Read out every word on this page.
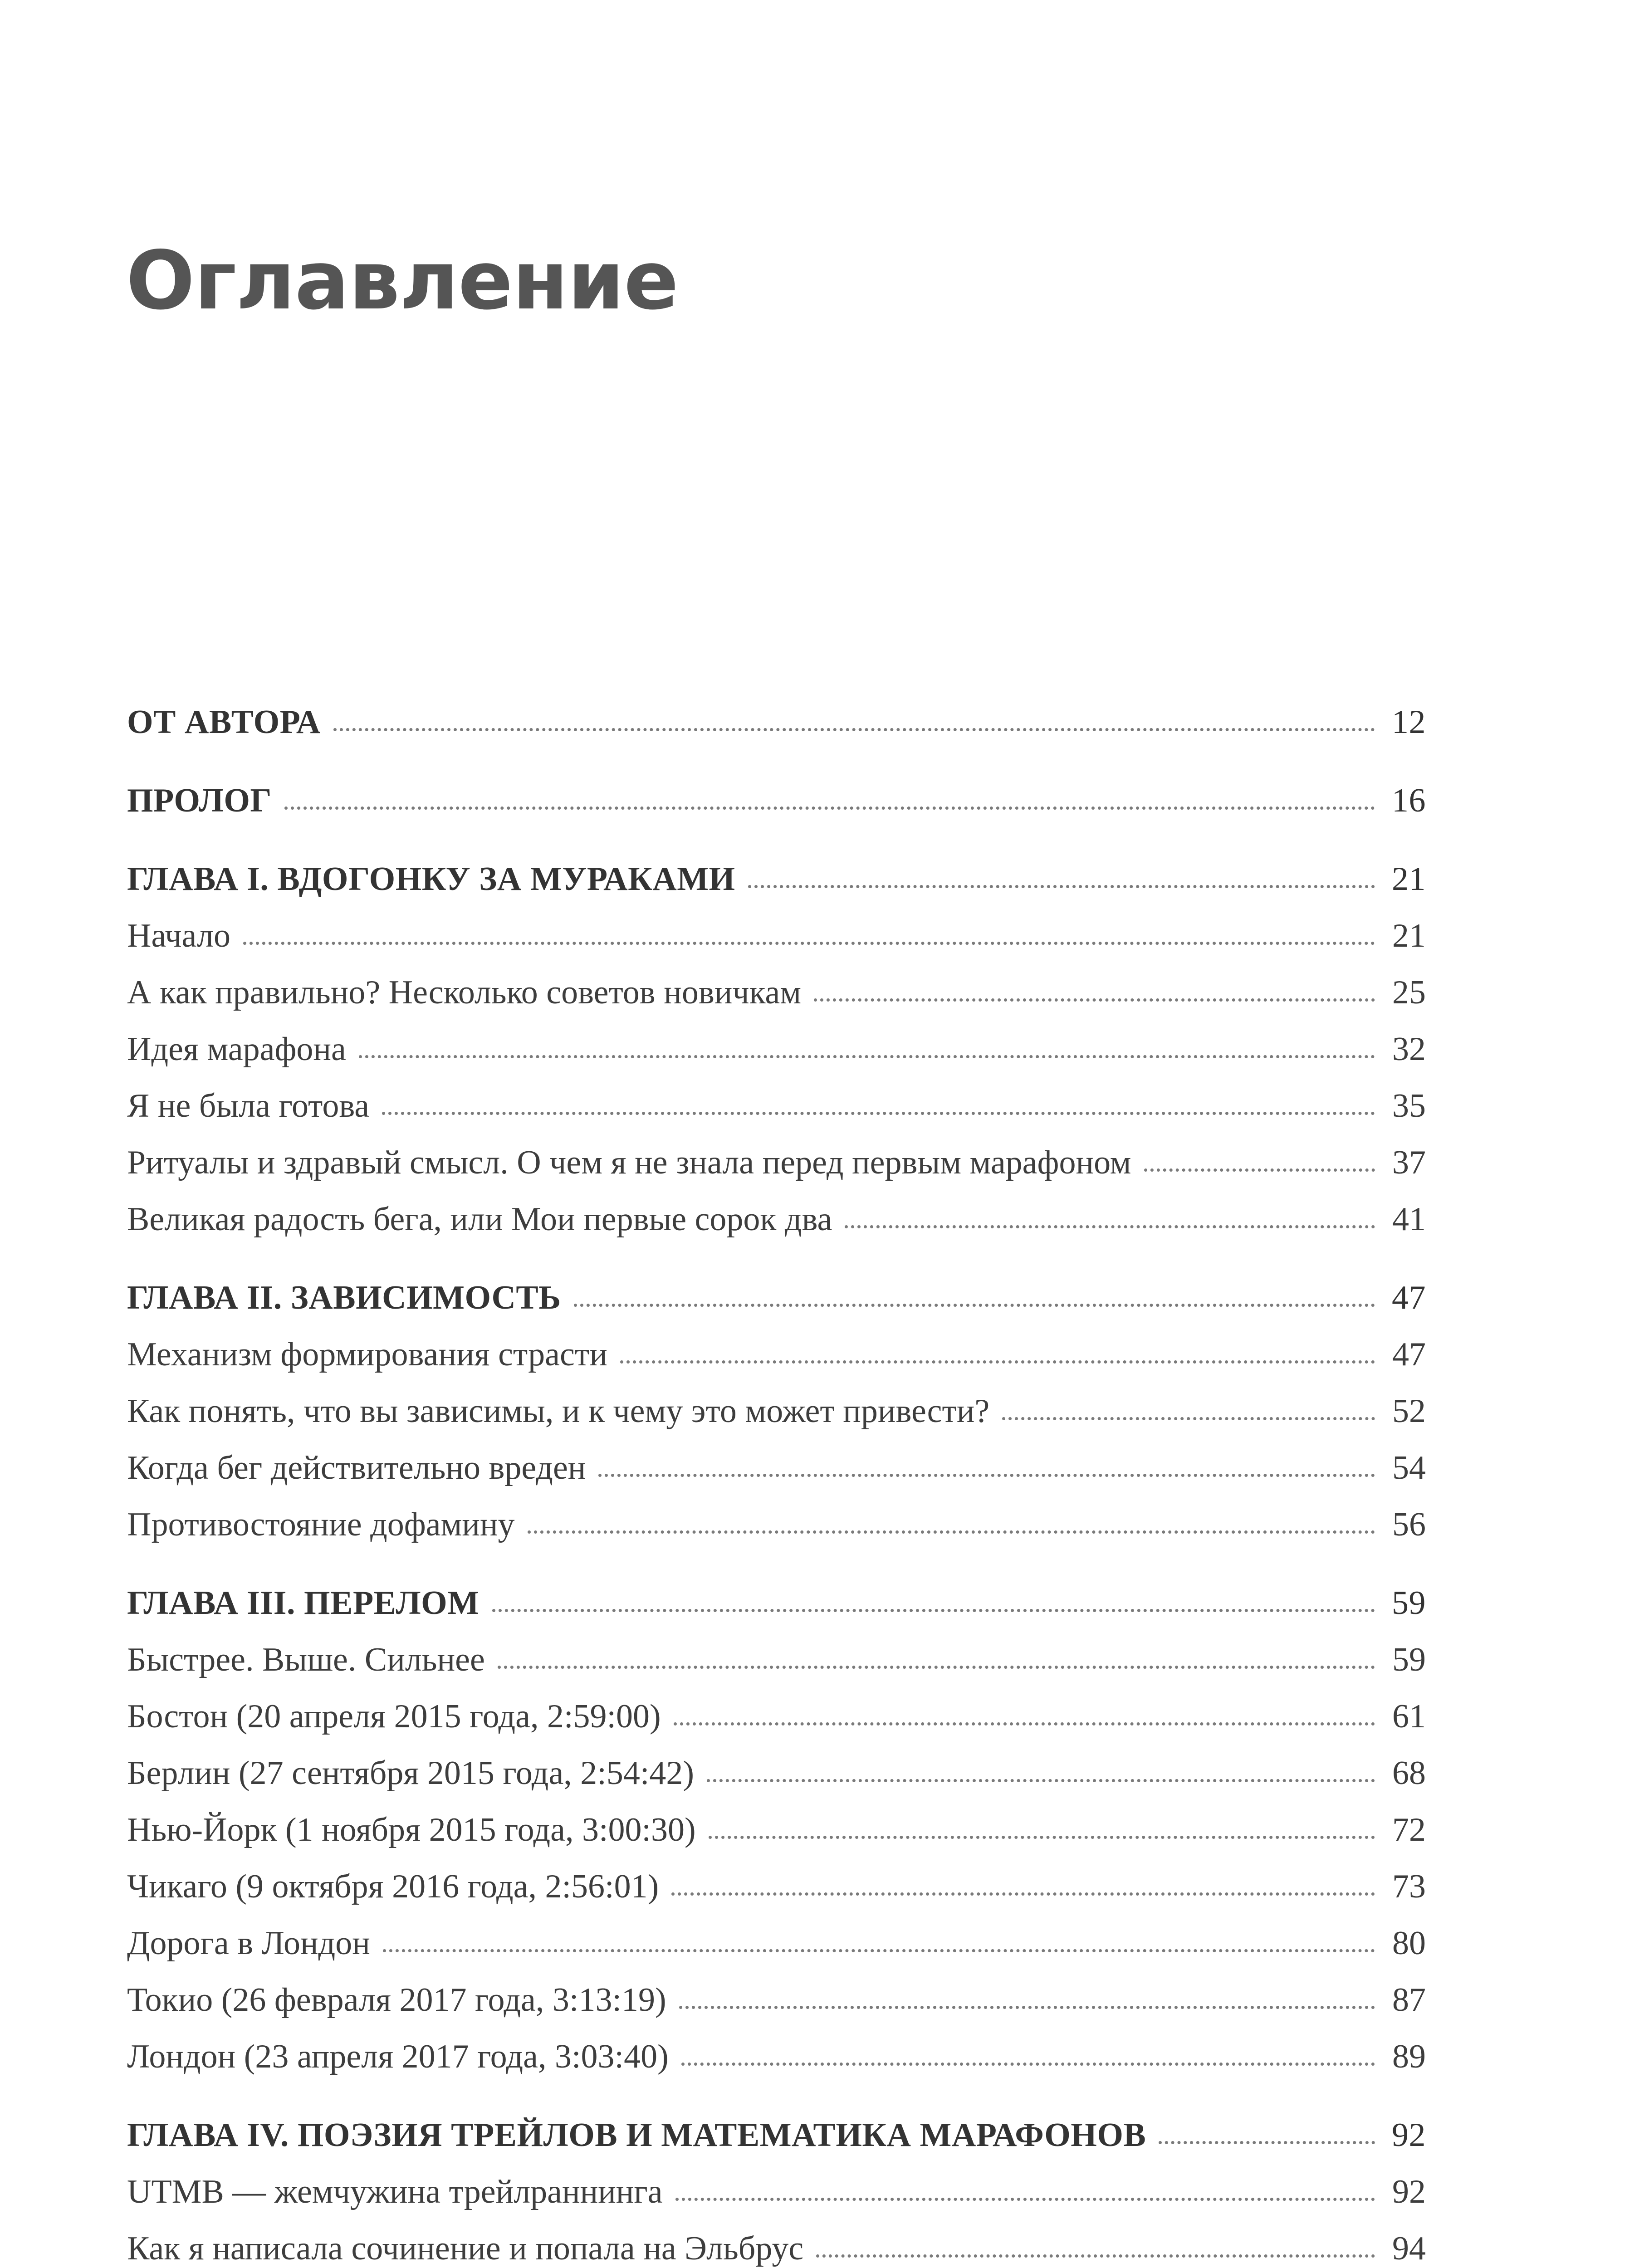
Оглавление
ОТ АВТОРА	12
ПРОЛОГ	16
ГЛАВА I. ВДОГОНКУ ЗА МУРАКАМИ	21
Начало	21
А как правильно? Несколько советов новичкам	25
Идея марафона	32
Я не была готова	35
Ритуалы и здравый смысл. О чем я не знала перед первым марафоном	37
Великая радость бега, или Мои первые сорок два	41
ГЛАВА II. ЗАВИСИМОСТЬ	47
Механизм формирования страсти	47
Как понять, что вы зависимы, и к чему это может привести?	52
Когда бег действительно вреден	54
Противостояние дофамину	56
ГЛАВА III. ПЕРЕЛОМ	59
Быстрее. Выше. Сильнее	59
Бостон (20 апреля 2015 года, 2:59:00)	61
Берлин (27 сентября 2015 года, 2:54:42)	68
Нью-Йорк (1 ноября 2015 года, 3:00:30)	72
Чикаго (9 октября 2016 года, 2:56:01)	73
Дорога в Лондон	80
Токио (26 февраля 2017 года, 3:13:19)	87
Лондон (23 апреля 2017 года, 3:03:40)	89
ГЛАВА IV. ПОЭЗИЯ ТРЕЙЛОВ И МАТЕМАТИКА МАРАФОНОВ	92
UTMB — жемчужина трейлраннинга	92
Как я написала сочинение и попала на Эльбрус	94
